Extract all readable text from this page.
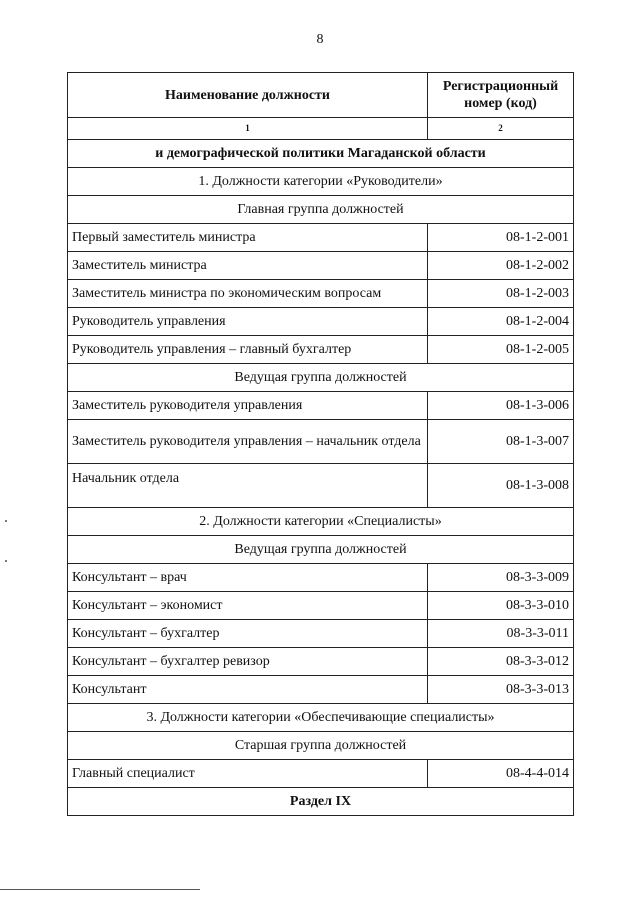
8
Наименование должности	Регистрационный номер (код)
1	2
и демографической политики Магаданской области	
1. Должности категории «Руководители»	
Главная группа должностей	
Первый заместитель министра	08-1-2-001
Заместитель министра	08-1-2-002
Заместитель министра по экономическим вопросам	08-1-2-003
Руководитель управления	08-1-2-004
Руководитель управления – главный бухгалтер	08-1-2-005
Ведущая группа должностей	
Заместитель руководителя управления	08-1-3-006
Заместитель руководителя управления – начальник отдела	08-1-3-007
Начальник отдела	08-1-3-008
2. Должности категории «Специалисты»	
Ведущая группа должностей	
Консультант – врач	08-3-3-009
Консультант – экономист	08-3-3-010
Консультант – бухгалтер	08-3-3-011
Консультант – бухгалтер ревизор	08-3-3-012
Консультант	08-3-3-013
3. Должности категории «Обеспечивающие специалисты»	
Старшая группа должностей	
Главный специалист	08-4-4-014
Раздел IX	
